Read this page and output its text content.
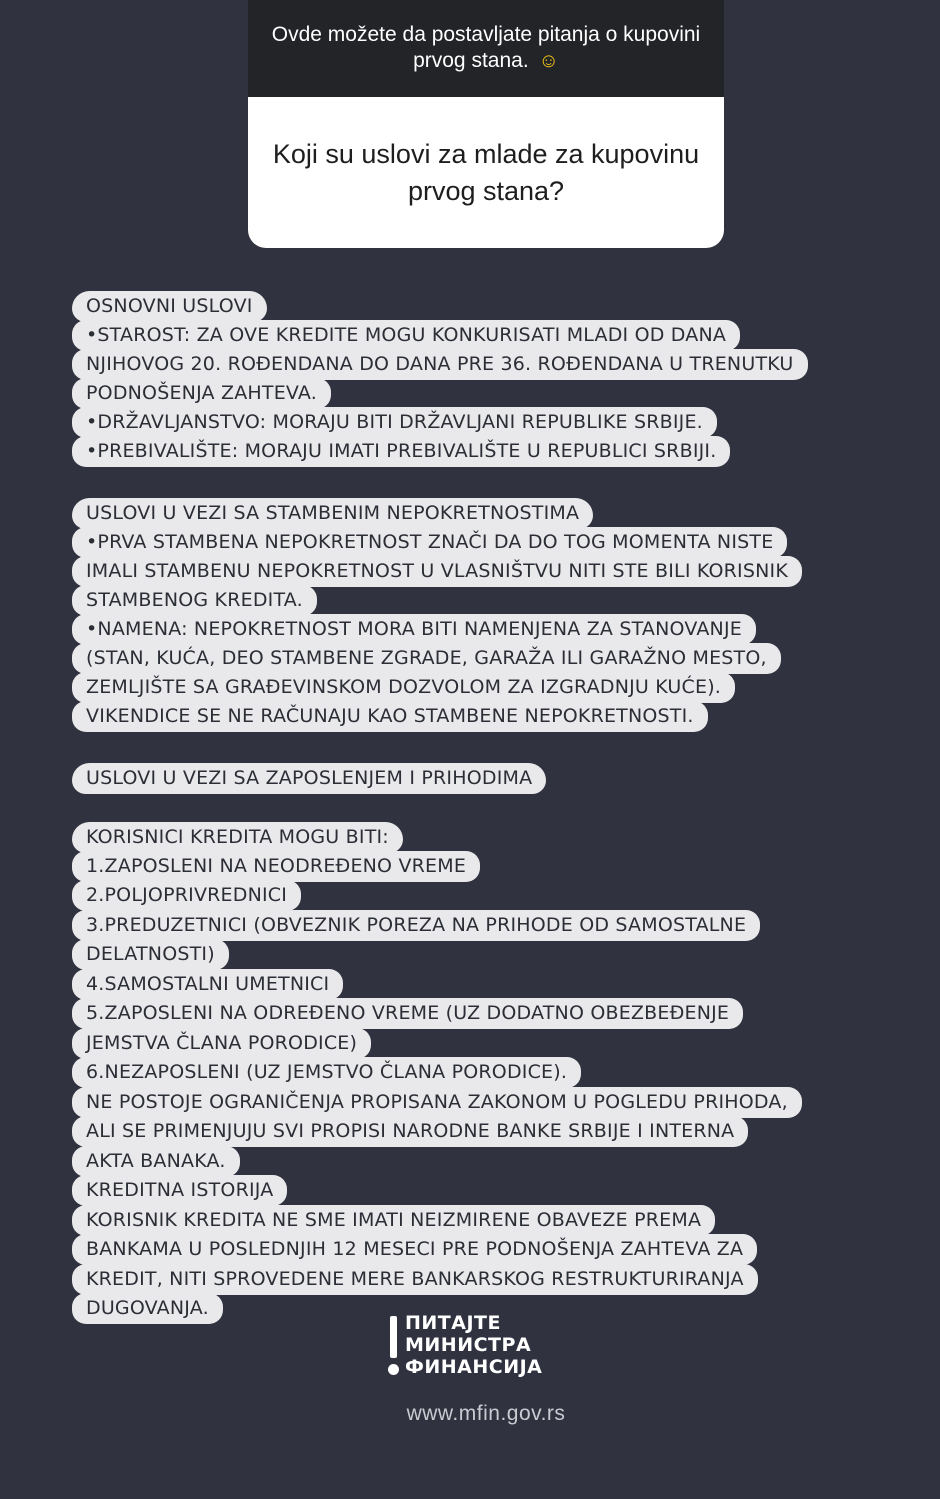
Ovde možete da postavljate pitanja o kupovini prvog stana. ☺
Koji su uslovi za mlade za kupovinu prvog stana?
OSNOVNI USLOVI
•STAROST: ZA OVE KREDITE MOGU KONKURISATI MLADI OD DANA
NJIHOVOG 20. ROĐENDANA DO DANA PRE 36. ROĐENDANA U TRENUTKU
PODNOŠENJA ZAHTEVA.
•DRŽAVLJANSTVO: MORAJU BITI DRŽAVLJANI REPUBLIKE SRBIJE.
•PREBIVALIŠTE: MORAJU IMATI PREBIVALIŠTE U REPUBLICI SRBIJI.
USLOVI U VEZI SA STAMBENIM NEPOKRETNOSTIMA
•PRVA STAMBENA NEPOKRETNOST ZNAČI DA DO TOG MOMENTA NISTE
IMALI STAMBENU NEPOKRETNOST U VLASNIŠTVU NITI STE BILI KORISNIK
STAMBENOG KREDITA.
•NAMENA: NEPOKRETNOST MORA BITI NAMENJENA ZA STANOVANJE
(STAN, KUĆA, DEO STAMBENE ZGRADE, GARAŽA ILI GARAŽNO MESTO,
ZEMLJIŠTE SA GRAĐEVINSKOM DOZVOLOM ZA IZGRADNJU KUĆE).
VIKENDICE SE NE RAČUNAJU KAO STAMBENE NEPOKRETNOSTI.
USLOVI U VEZI SA ZAPOSLENJEM I PRIHODIMA
KORISNICI KREDITA MOGU BITI:
1.ZAPOSLENI NA NEODREĐENO VREME
2.POLJOPRIVREDNICI
3.PREDUZETNICI (OBVEZNIK POREZA NA PRIHODE OD SAMOSTALNE
DELATNOSTI)
4.SAMOSTALNI UMETNICI
5.ZAPOSLENI NA ODREĐENO VREME (UZ DODATNO OBEZBEĐENJE
JEMSTVA ČLANA PORODICE)
6.NEZAPOSLENI (UZ JEMSTVO ČLANA PORODICE).
NE POSTOJE OGRANIČENJA PROPISANA ZAKONOM U POGLEDU PRIHODA,
ALI SE PRIMENJUJU SVI PROPISI NARODNE BANKE SRBIJE I INTERNA
AKTA BANAKA.
KREDITNA ISTORIJA
KORISNIK KREDITA NE SME IMATI NEIZMIRENE OBAVEZE PREMA
BANKAMA U POSLEDNJIH 12 MESECI PRE PODNOŠENJA ZAHTEVA ZA
KREDIT, NITI SPROVEDENE MERE BANKARSKOG RESTRUKTURIRANJA
DUGOVANJA.
ПИТАЈТЕ
МИНИСТРА
ФИНАНСИЈА
www.mfin.gov.rs
